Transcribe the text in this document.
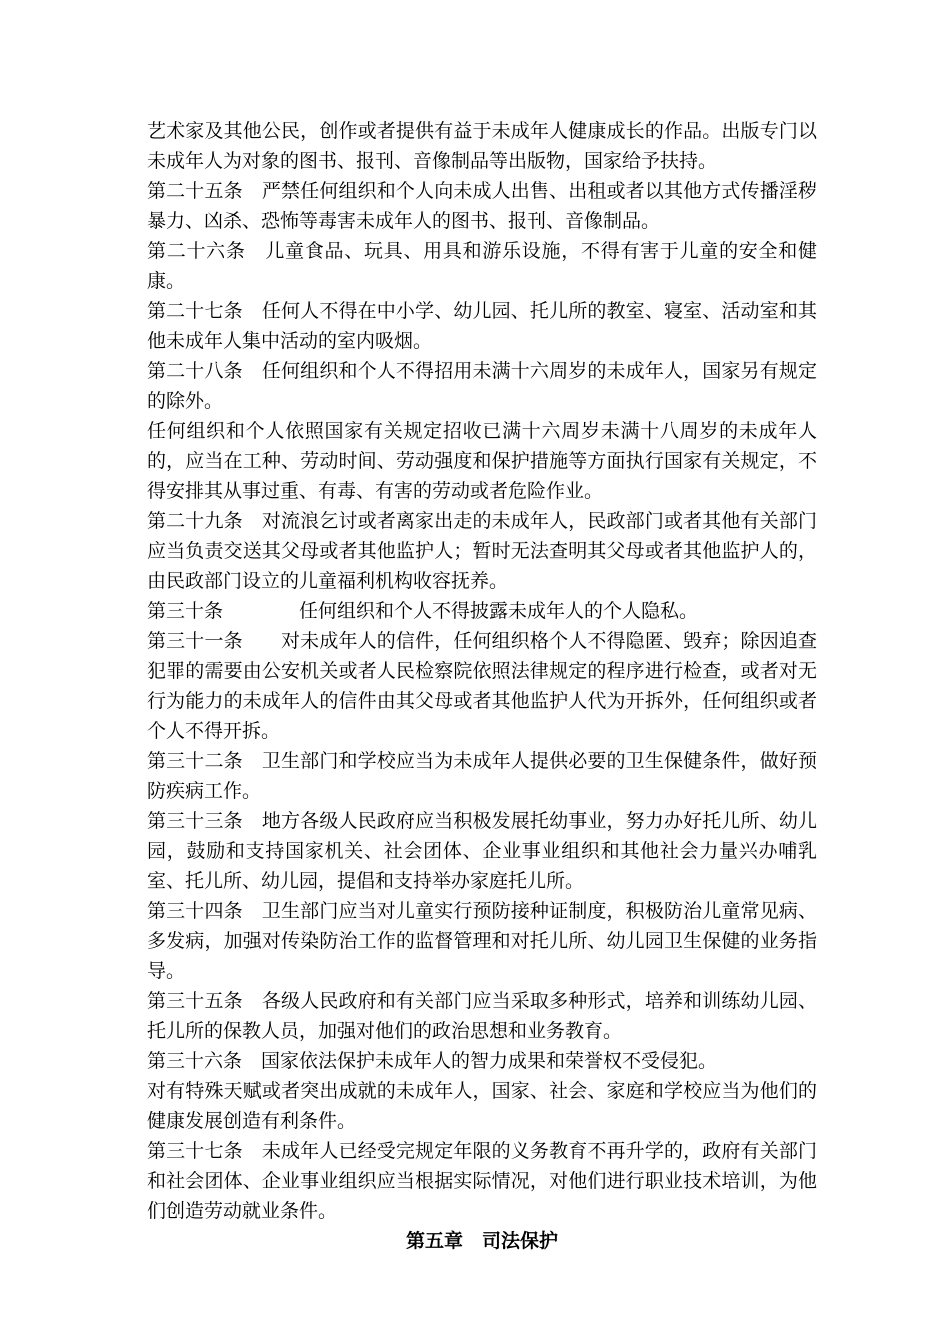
艺术家及其他公民，创作或者提供有益于未成年人健康成长的作品。出版专门以未成年人为对象的图书、报刊、音像制品等出版物，国家给予扶持。

第二十五条　严禁任何组织和个人向未成人出售、出租或者以其他方式传播淫秽暴力、凶杀、恐怖等毒害未成年人的图书、报刊、音像制品。

第二十六条　儿童食品、玩具、用具和游乐设施，不得有害于儿童的安全和健康。

第二十七条　任何人不得在中小学、幼儿园、托儿所的教室、寝室、活动室和其他未成年人集中活动的室内吸烟。

第二十八条　任何组织和个人不得招用未满十六周岁的未成年人，国家另有规定的除外。

任何组织和个人依照国家有关规定招收已满十六周岁未满十八周岁的未成年人的，应当在工种、劳动时间、劳动强度和保护措施等方面执行国家有关规定，不得安排其从事过重、有毒、有害的劳动或者危险作业。

第二十九条　对流浪乞讨或者离家出走的未成年人，民政部门或者其他有关部门应当负责交送其父母或者其他监护人；暂时无法查明其父母或者其他监护人的，由民政部门设立的儿童福利机构收容抚养。

第三十条　　　　任何组织和个人不得披露未成年人的个人隐私。

第三十一条　　对未成年人的信件，任何组织格个人不得隐匿、毁弃；除因追查犯罪的需要由公安机关或者人民检察院依照法律规定的程序进行检查，或者对无行为能力的未成年人的信件由其父母或者其他监护人代为开拆外，任何组织或者个人不得开拆。

第三十二条　卫生部门和学校应当为未成年人提供必要的卫生保健条件，做好预防疾病工作。

第三十三条　地方各级人民政府应当积极发展托幼事业，努力办好托儿所、幼儿园，鼓励和支持国家机关、社会团体、企业事业组织和其他社会力量兴办哺乳室、托儿所、幼儿园，提倡和支持举办家庭托儿所。

第三十四条　卫生部门应当对儿童实行预防接种证制度，积极防治儿童常见病、多发病，加强对传染防治工作的监督管理和对托儿所、幼儿园卫生保健的业务指导。

第三十五条　各级人民政府和有关部门应当采取多种形式，培养和训练幼儿园、托儿所的保教人员，加强对他们的政治思想和业务教育。

第三十六条　国家依法保护未成年人的智力成果和荣誉权不受侵犯。

对有特殊天赋或者突出成就的未成年人，国家、社会、家庭和学校应当为他们的健康发展创造有利条件。

第三十七条　未成年人已经受完规定年限的义务教育不再升学的，政府有关部门和社会团体、企业事业组织应当根据实际情况，对他们进行职业技术培训，为他们创造劳动就业条件。

第五章　司法保护
